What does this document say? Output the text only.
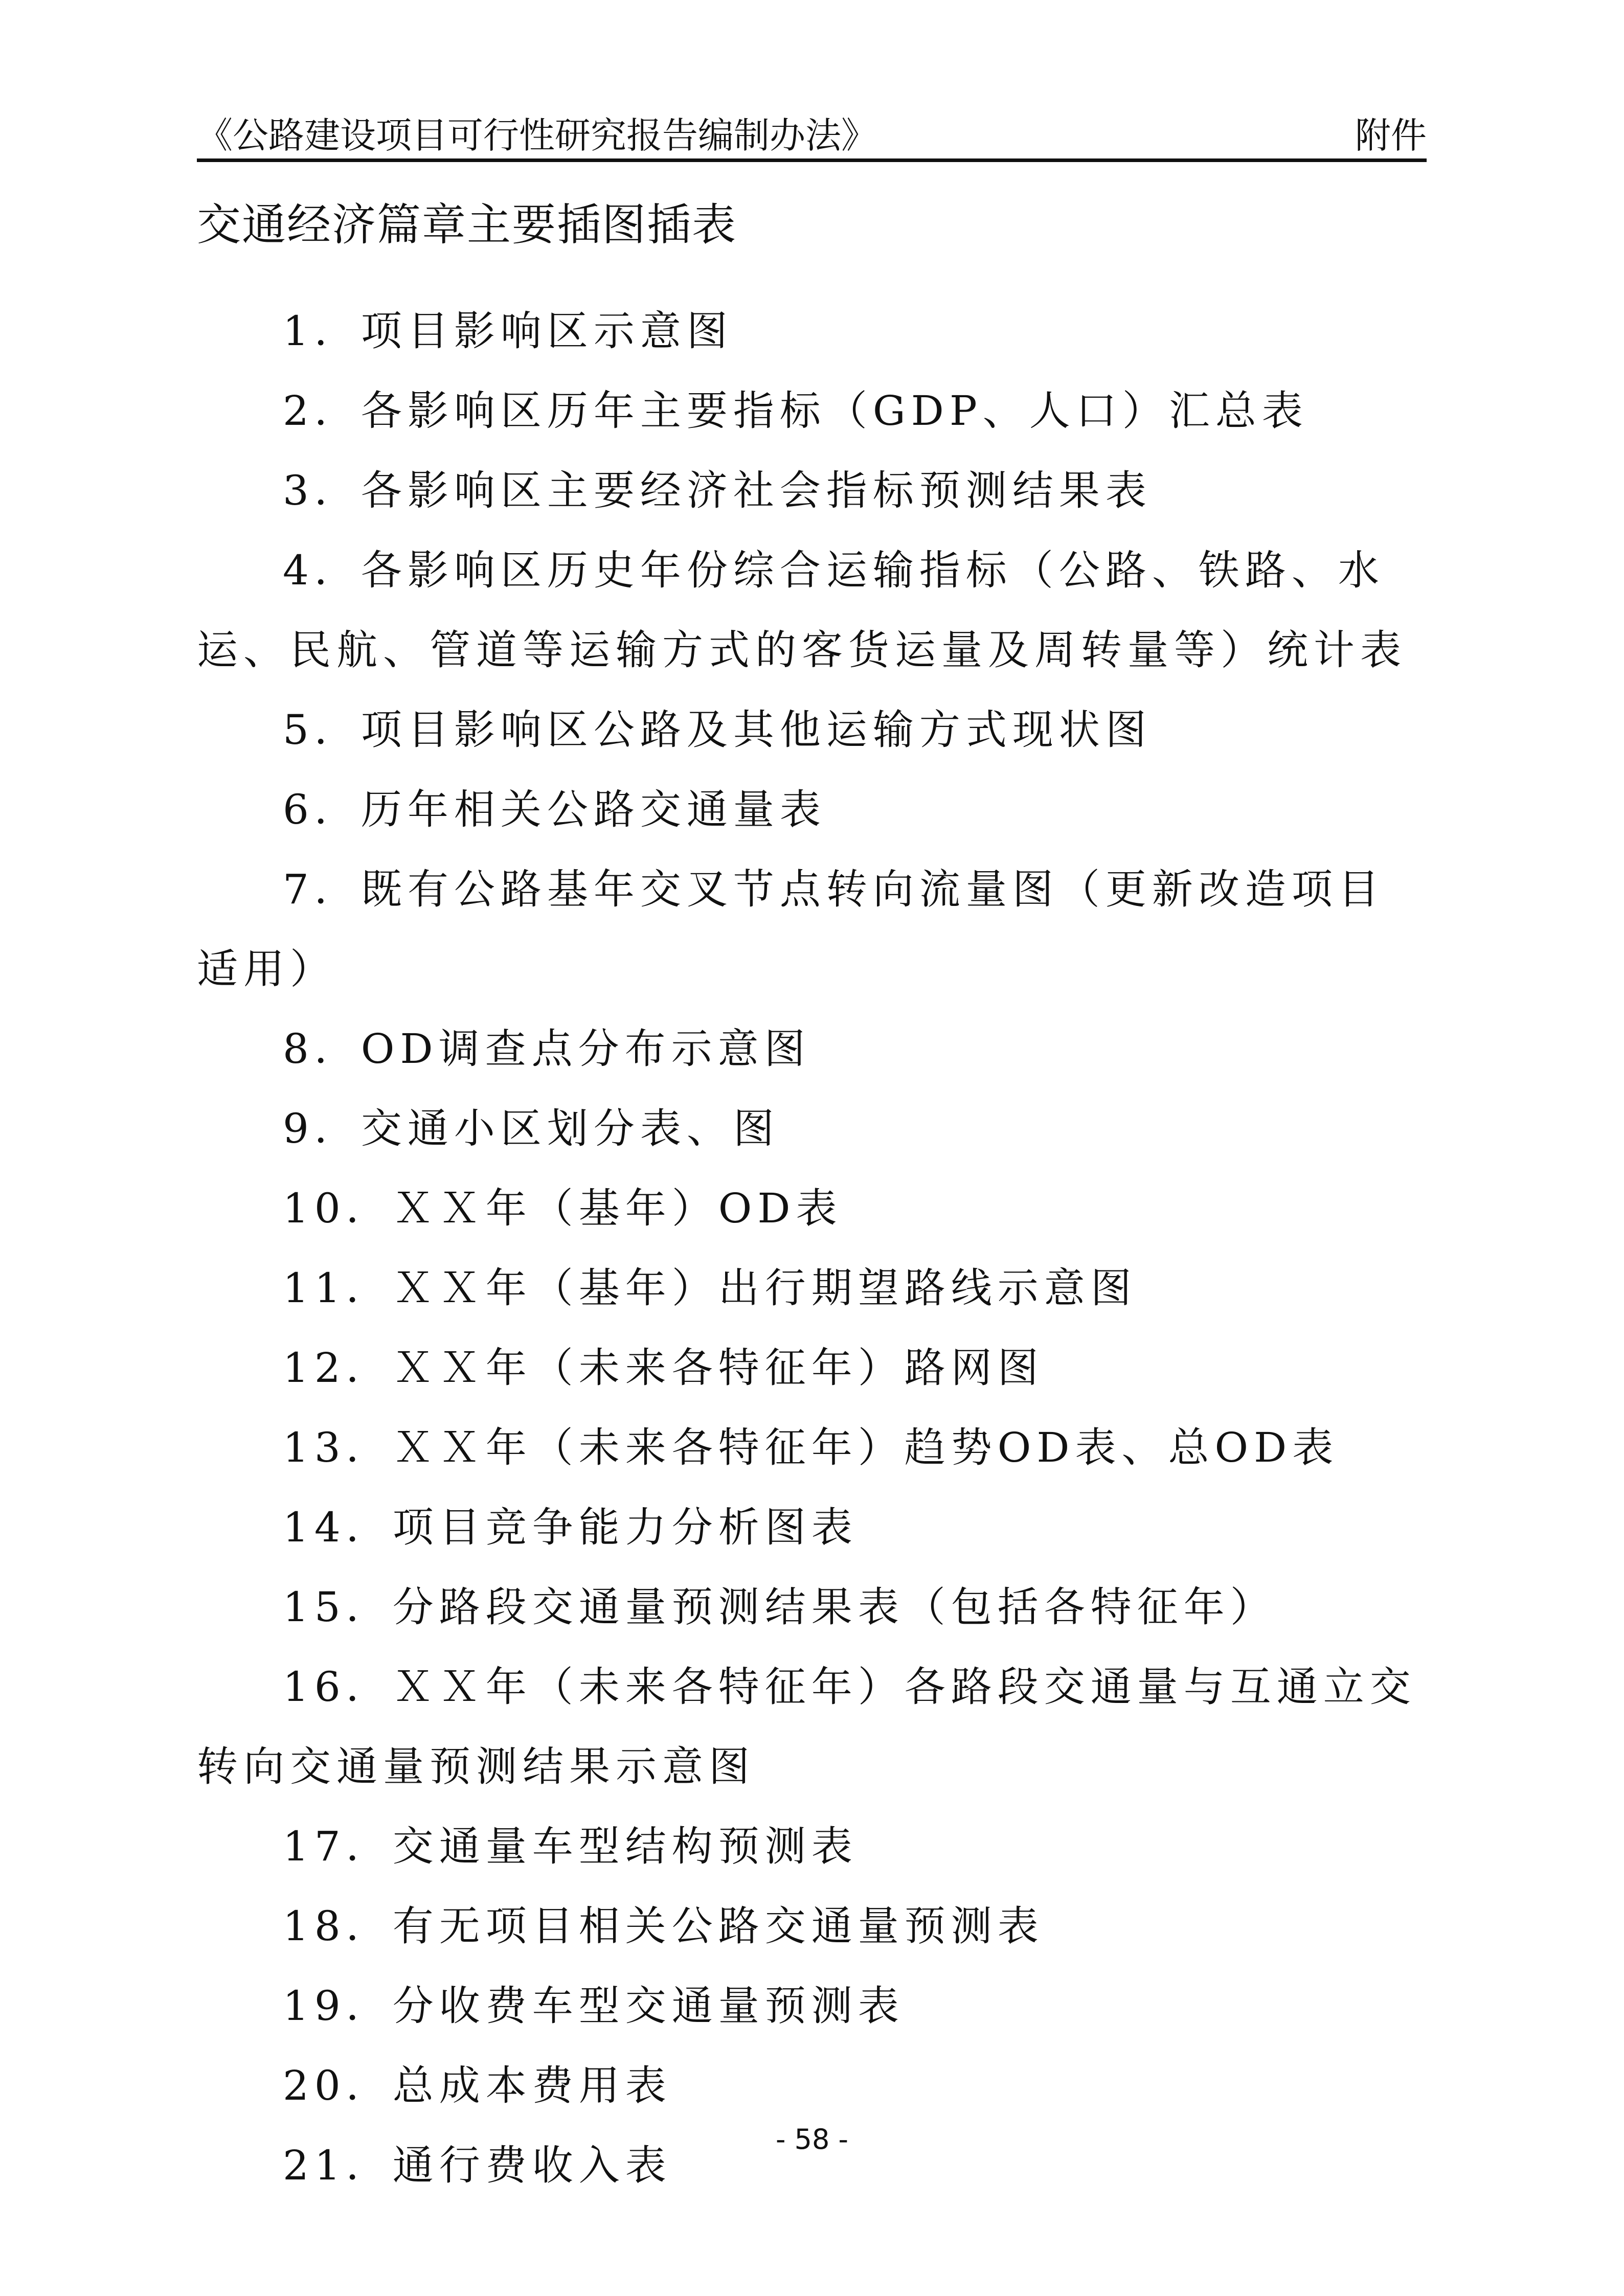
《公路建设项目可行性研究报告编制办法》	附件
交通经济篇章主要插图插表
1．项目影响区示意图
2．各影响区历年主要指标（GDP、人口）汇总表
3．各影响区主要经济社会指标预测结果表
4．各影响区历史年份综合运输指标（公路、铁路、水运、民航、管道等运输方式的客货运量及周转量等）统计表
5．项目影响区公路及其他运输方式现状图
6．历年相关公路交通量表
7．既有公路基年交叉节点转向流量图（更新改造项目适用）
8．OD调查点分布示意图
9．交通小区划分表、图
10．ＸＸ年（基年）OD表
11．ＸＸ年（基年）出行期望路线示意图
12．ＸＸ年（未来各特征年）路网图
13．ＸＸ年（未来各特征年）趋势OD表、总OD表
14．项目竞争能力分析图表
15．分路段交通量预测结果表（包括各特征年）
16．ＸＸ年（未来各特征年）各路段交通量与互通立交转向交通量预测结果示意图
17．交通量车型结构预测表
18．有无项目相关公路交通量预测表
19．分收费车型交通量预测表
20．总成本费用表
21．通行费收入表
- 58 -
